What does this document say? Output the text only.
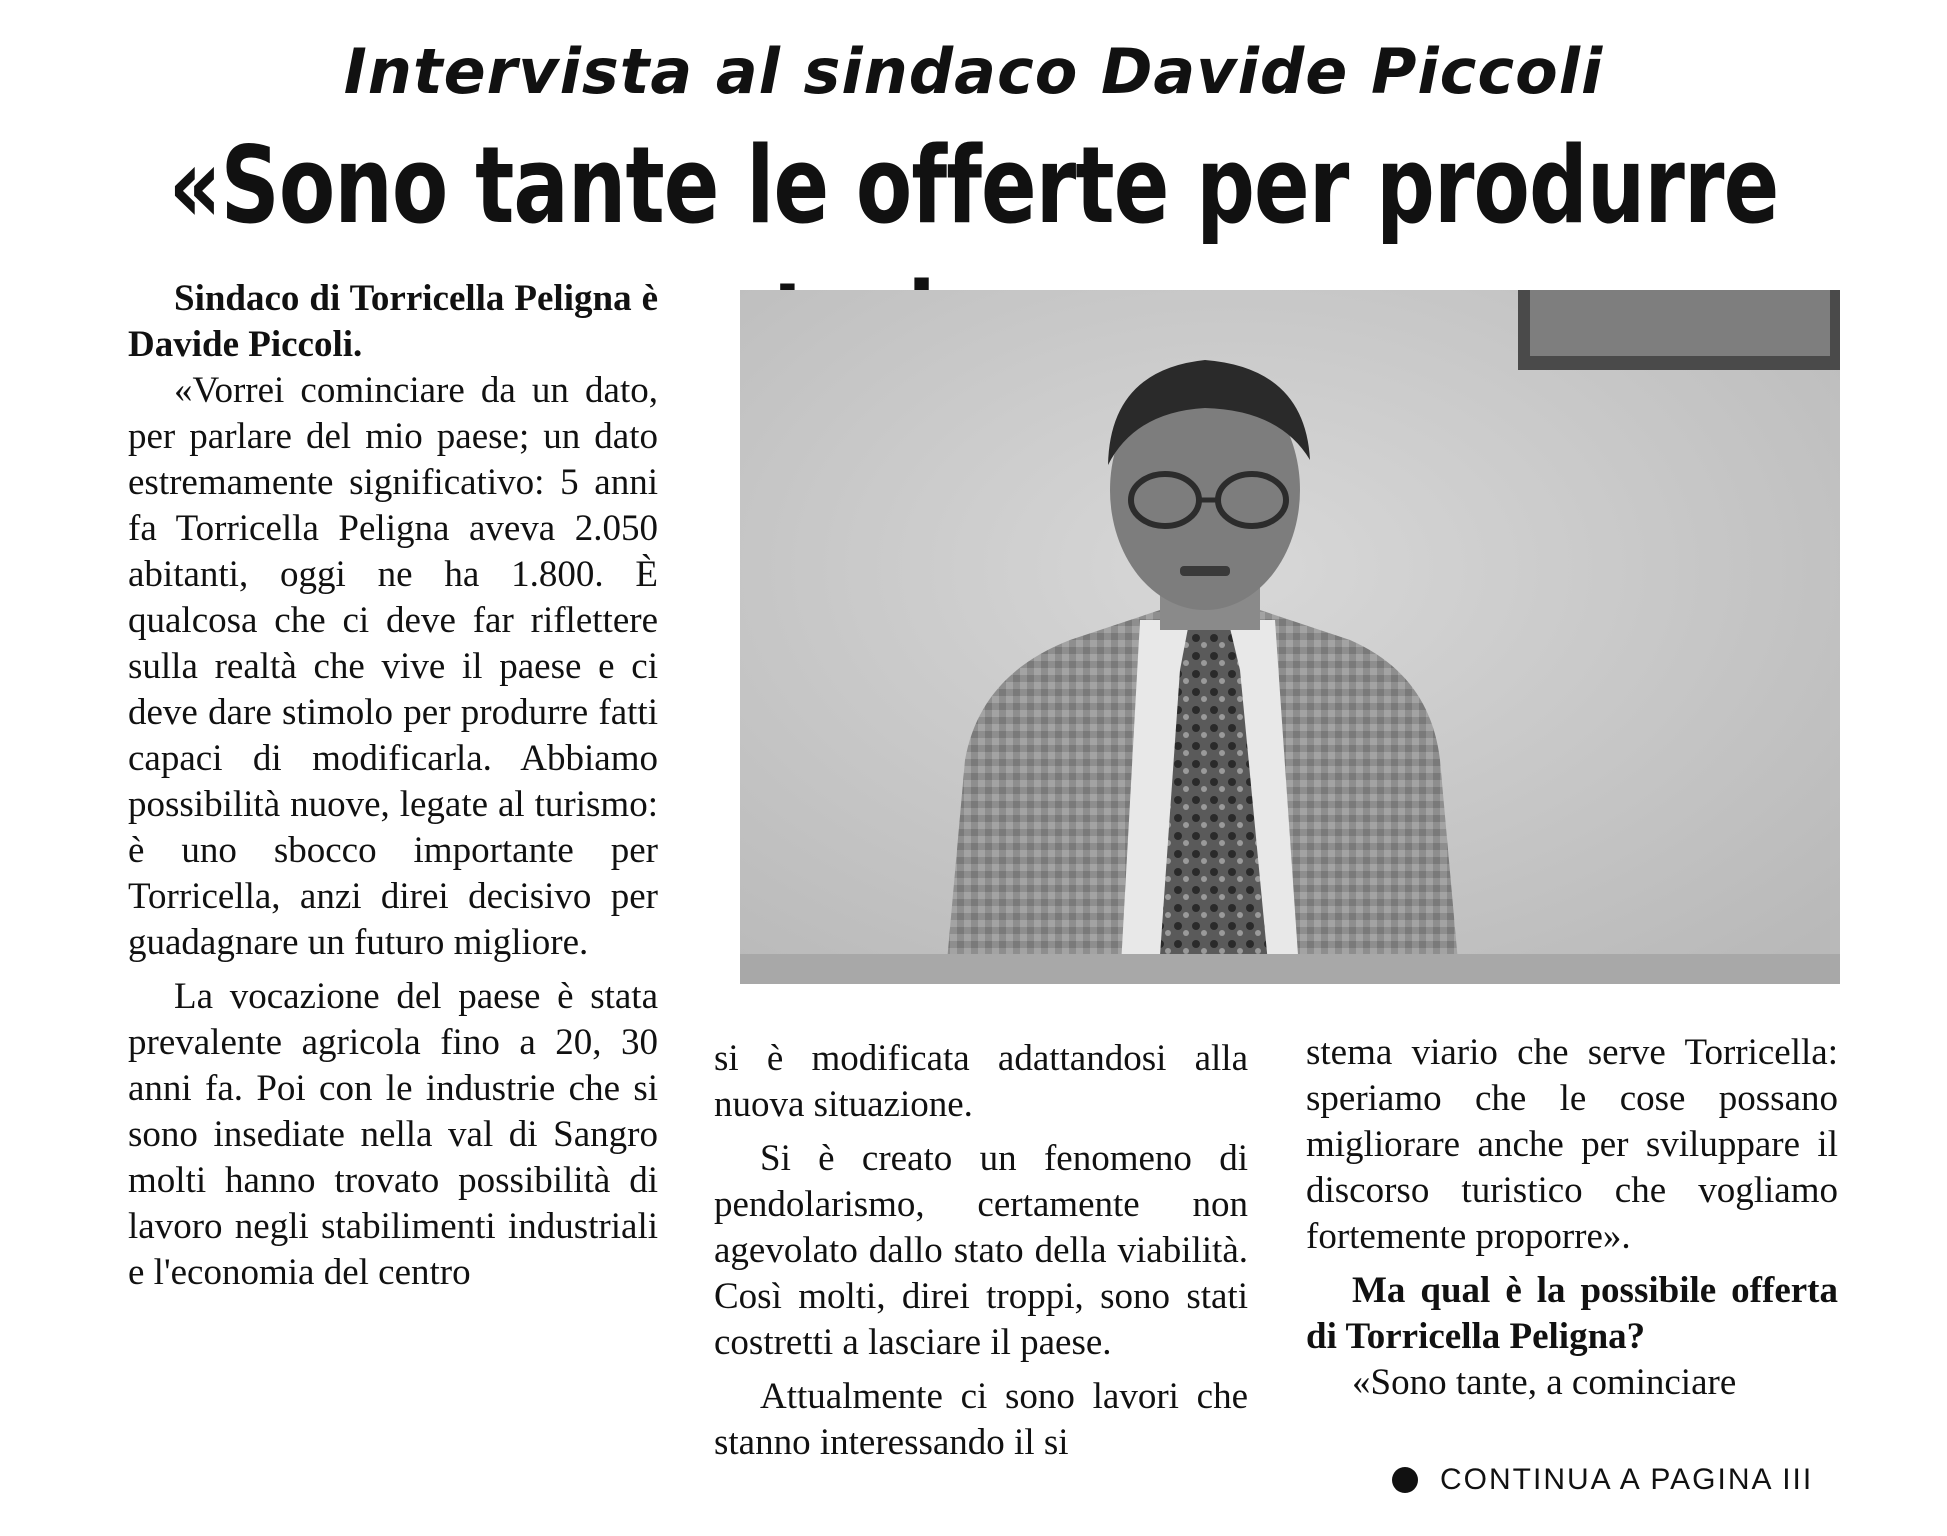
Intervista al sindaco Davide Piccoli
«Sono tante le offerte per produrre

Sindaco di Torricella Peligna è Davide Piccoli.

«Vorrei cominciare da un dato, per parlare del mio paese; un dato estremamente significativo: 5 anni fa Torricella Peligna aveva 2.050 abitanti, oggi ne ha 1.800. È qualcosa che ci deve far riflettere sulla realtà che vive il paese e ci deve dare stimolo per produrre fatti capaci di modificarla. Abbiamo possibilità nuove, legate al turismo: è uno sbocco importante per Torricella, anzi direi decisivo per guadagnare un futuro migliore.

La vocazione del paese è stata prevalente agricola fino a 20, 30 anni fa. Poi con le industrie che si sono insediate nella val di Sangro molti hanno trovato possibilità di lavoro negli stabilimenti industriali e l'economia del centro

si è modificata adattandosi alla nuova situazione.

Si è creato un fenomeno di pendolarismo, certamente non agevolato dallo stato della viabilità. Così molti, direi troppi, sono stati costretti a lasciare il paese.

Attualmente ci sono lavori che stanno interessando il si

stema viario che serve Torricella: speriamo che le cose possano migliorare anche per sviluppare il discorso turistico che vogliamo fortemente proporre».

Ma qual è la possibile offerta di Torricella Peligna?

«Sono tante, a cominciare

CONTINUA A PAGINA III
